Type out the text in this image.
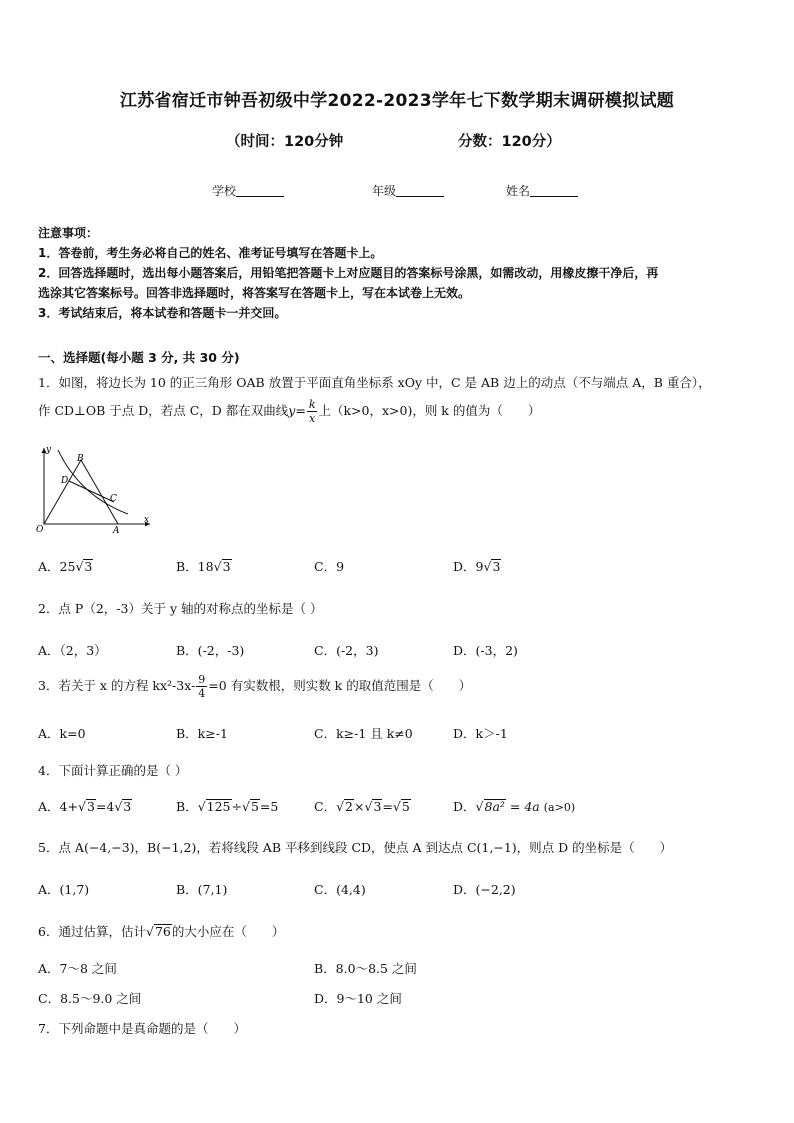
江苏省宿迁市钟吾初级中学2022-2023学年七下数学期末调研模拟试题
（时间：120分钟	分数：120分）
学校	年级	姓名
注意事项：
1．答卷前，考生务必将自己的姓名、准考证号填写在答题卡上。
2．回答选择题时，选出每小题答案后，用铅笔把答题卡上对应题目的答案标号涂黑，如需改动，用橡皮擦干净后，再
选涂其它答案标号。回答非选择题时，将答案写在答题卡上，写在本试卷上无效。
3．考试结束后，将本试卷和答题卡一并交回。
一、选择题(每小题 3 分, 共 30 分)
1．如图，将边长为 10 的正三角形 OAB 放置于平面直角坐标系 xOy 中，C 是 AB 边上的动点（不与端点 A，B 重合），
作 CD⊥OB 于点 D，若点 C，D 都在双曲线$y= \frac{k}{x}$ 上（k>0，x>0)，则 k 的值为（　　）
y
x
O	A
B
C
D
A．25√3	B．18√3	C．9	D．9√3
2．点 P（2，-3）关于 y 轴的对称点的坐标是（ ）
A．（2，3）	B．(-2，-3)	C．(-2，3)	D．(-3，2)
3．若关于 x 的方程 $kx^2-3x- \frac{9}{4} =0$ 有实数根，则实数 k 的取值范围是（　　）
A．k=0	B．k≥-1	C．k≥-1 且 k≠0	D．k＞-1
4．下面计算正确的是（ ）
A．4+√3=4√3	B．√125÷√5=5	C．√2×√3=√5	D．√8a² = 4a (a>0)
5．点 A(−4,−3)，B(−1,2)，若将线段 AB 平移到线段 CD，使点 A 到达点 C(1,−1)，则点 D 的坐标是（　　）
A．(1,7)	B．(7,1)	C．(4,4)	D．(−2,2)
6．通过估算，估计√76的大小应在（　　）
A．7～8 之间	B．8.0～8.5 之间
C．8.5～9.0 之间	D．9～10 之间
7．下列命题中是真命题的是（　　）
